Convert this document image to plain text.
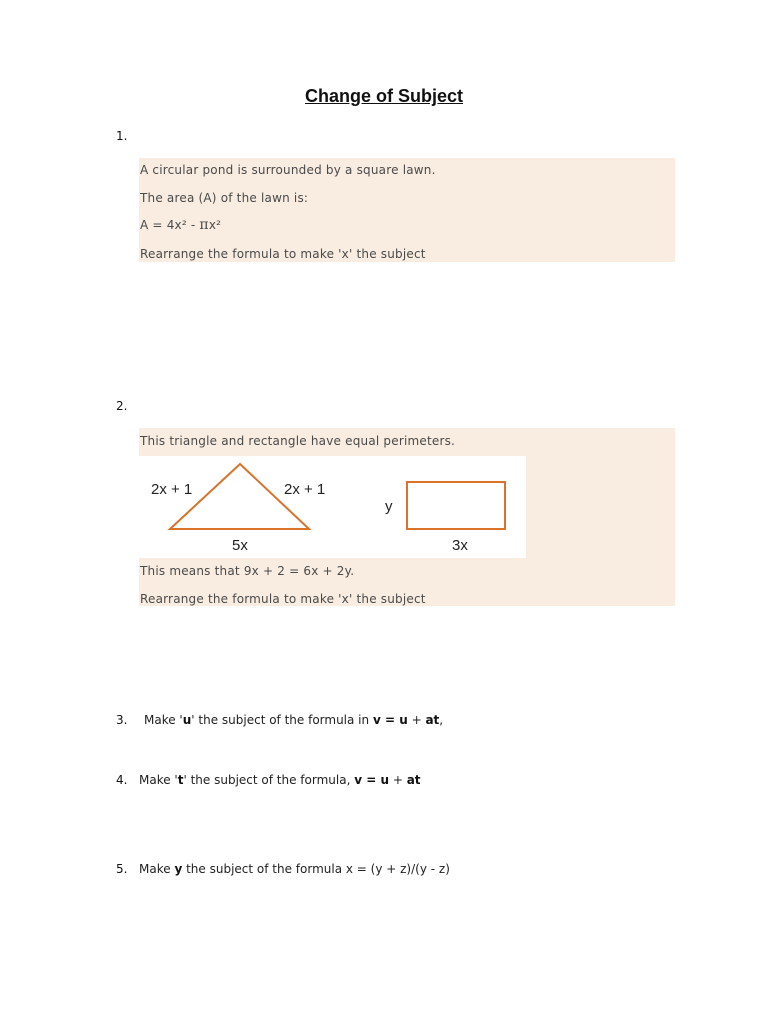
Change of Subject
1.
A circular pond is surrounded by a square lawn.
The area (A) of the lawn is:
A = 4x² - πx²
Rearrange the formula to make 'x' the subject
2.
This triangle and rectangle have equal perimeters.
2x + 1	2x + 1
5x
y
3x
This means that 9x + 2 = 6x + 2y.
Rearrange the formula to make 'x' the subject
3. Make 'u' the subject of the formula in v = u + at,
4. Make 't' the subject of the formula, v = u + at
5. Make y the subject of the formula x = (y + z)/(y - z)
